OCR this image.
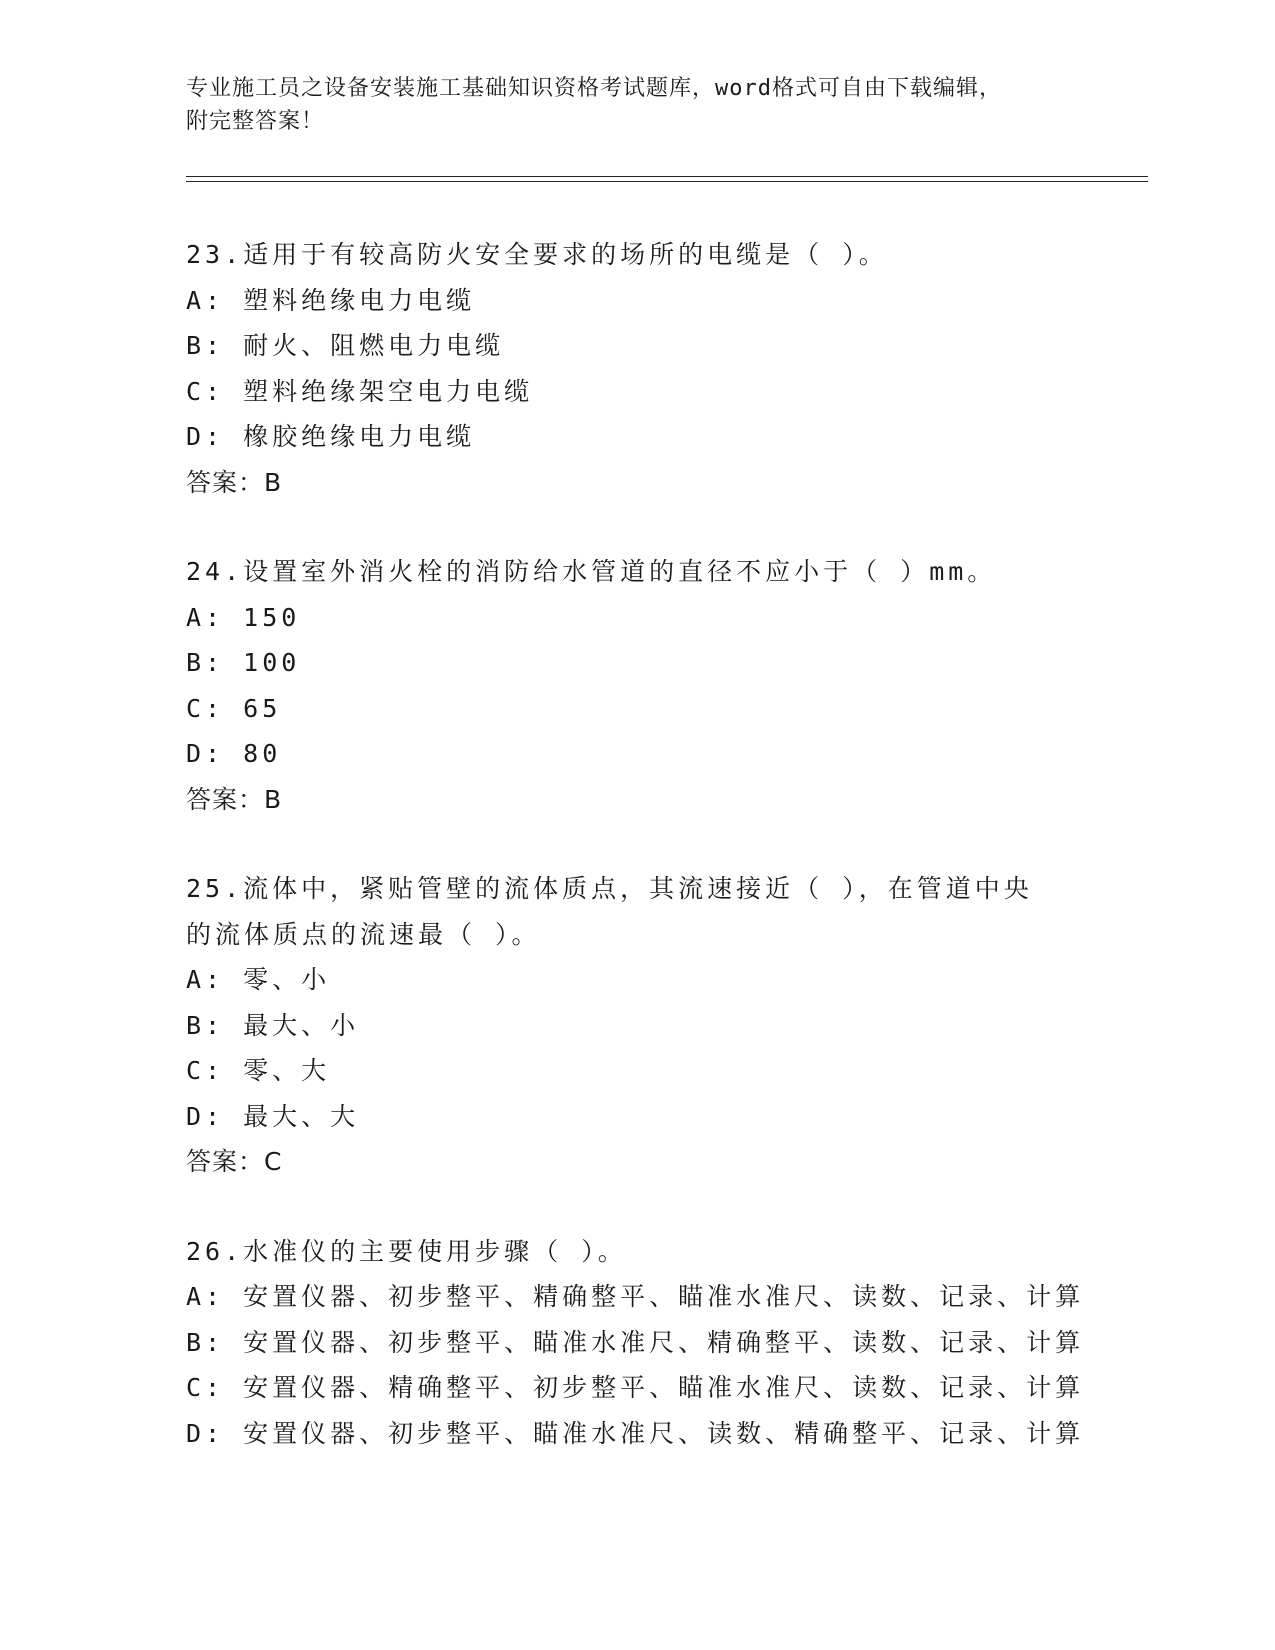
专业施工员之设备安装施工基础知识资格考试题库，word格式可自由下载编辑，
附完整答案！
23.适用于有较高防火安全要求的场所的电缆是（ ）。
A: 塑料绝缘电力电缆
B: 耐火、阻燃电力电缆
C: 塑料绝缘架空电力电缆
D: 橡胶绝缘电力电缆
答案：B
24.设置室外消火栓的消防给水管道的直径不应小于（ ）mm。
A: 150
B: 100
C: 65
D: 80
答案：B
25.流体中，紧贴管壁的流体质点，其流速接近（ ），在管道中央的流体质点的流速最（ ）。
A: 零、小
B: 最大、小
C: 零、大
D: 最大、大
答案：C
26.水准仪的主要使用步骤（ ）。
A: 安置仪器、初步整平、精确整平、瞄准水准尺、读数、记录、计算
B: 安置仪器、初步整平、瞄准水准尺、精确整平、读数、记录、计算
C: 安置仪器、精确整平、初步整平、瞄准水准尺、读数、记录、计算
D: 安置仪器、初步整平、瞄准水准尺、读数、精确整平、记录、计算
